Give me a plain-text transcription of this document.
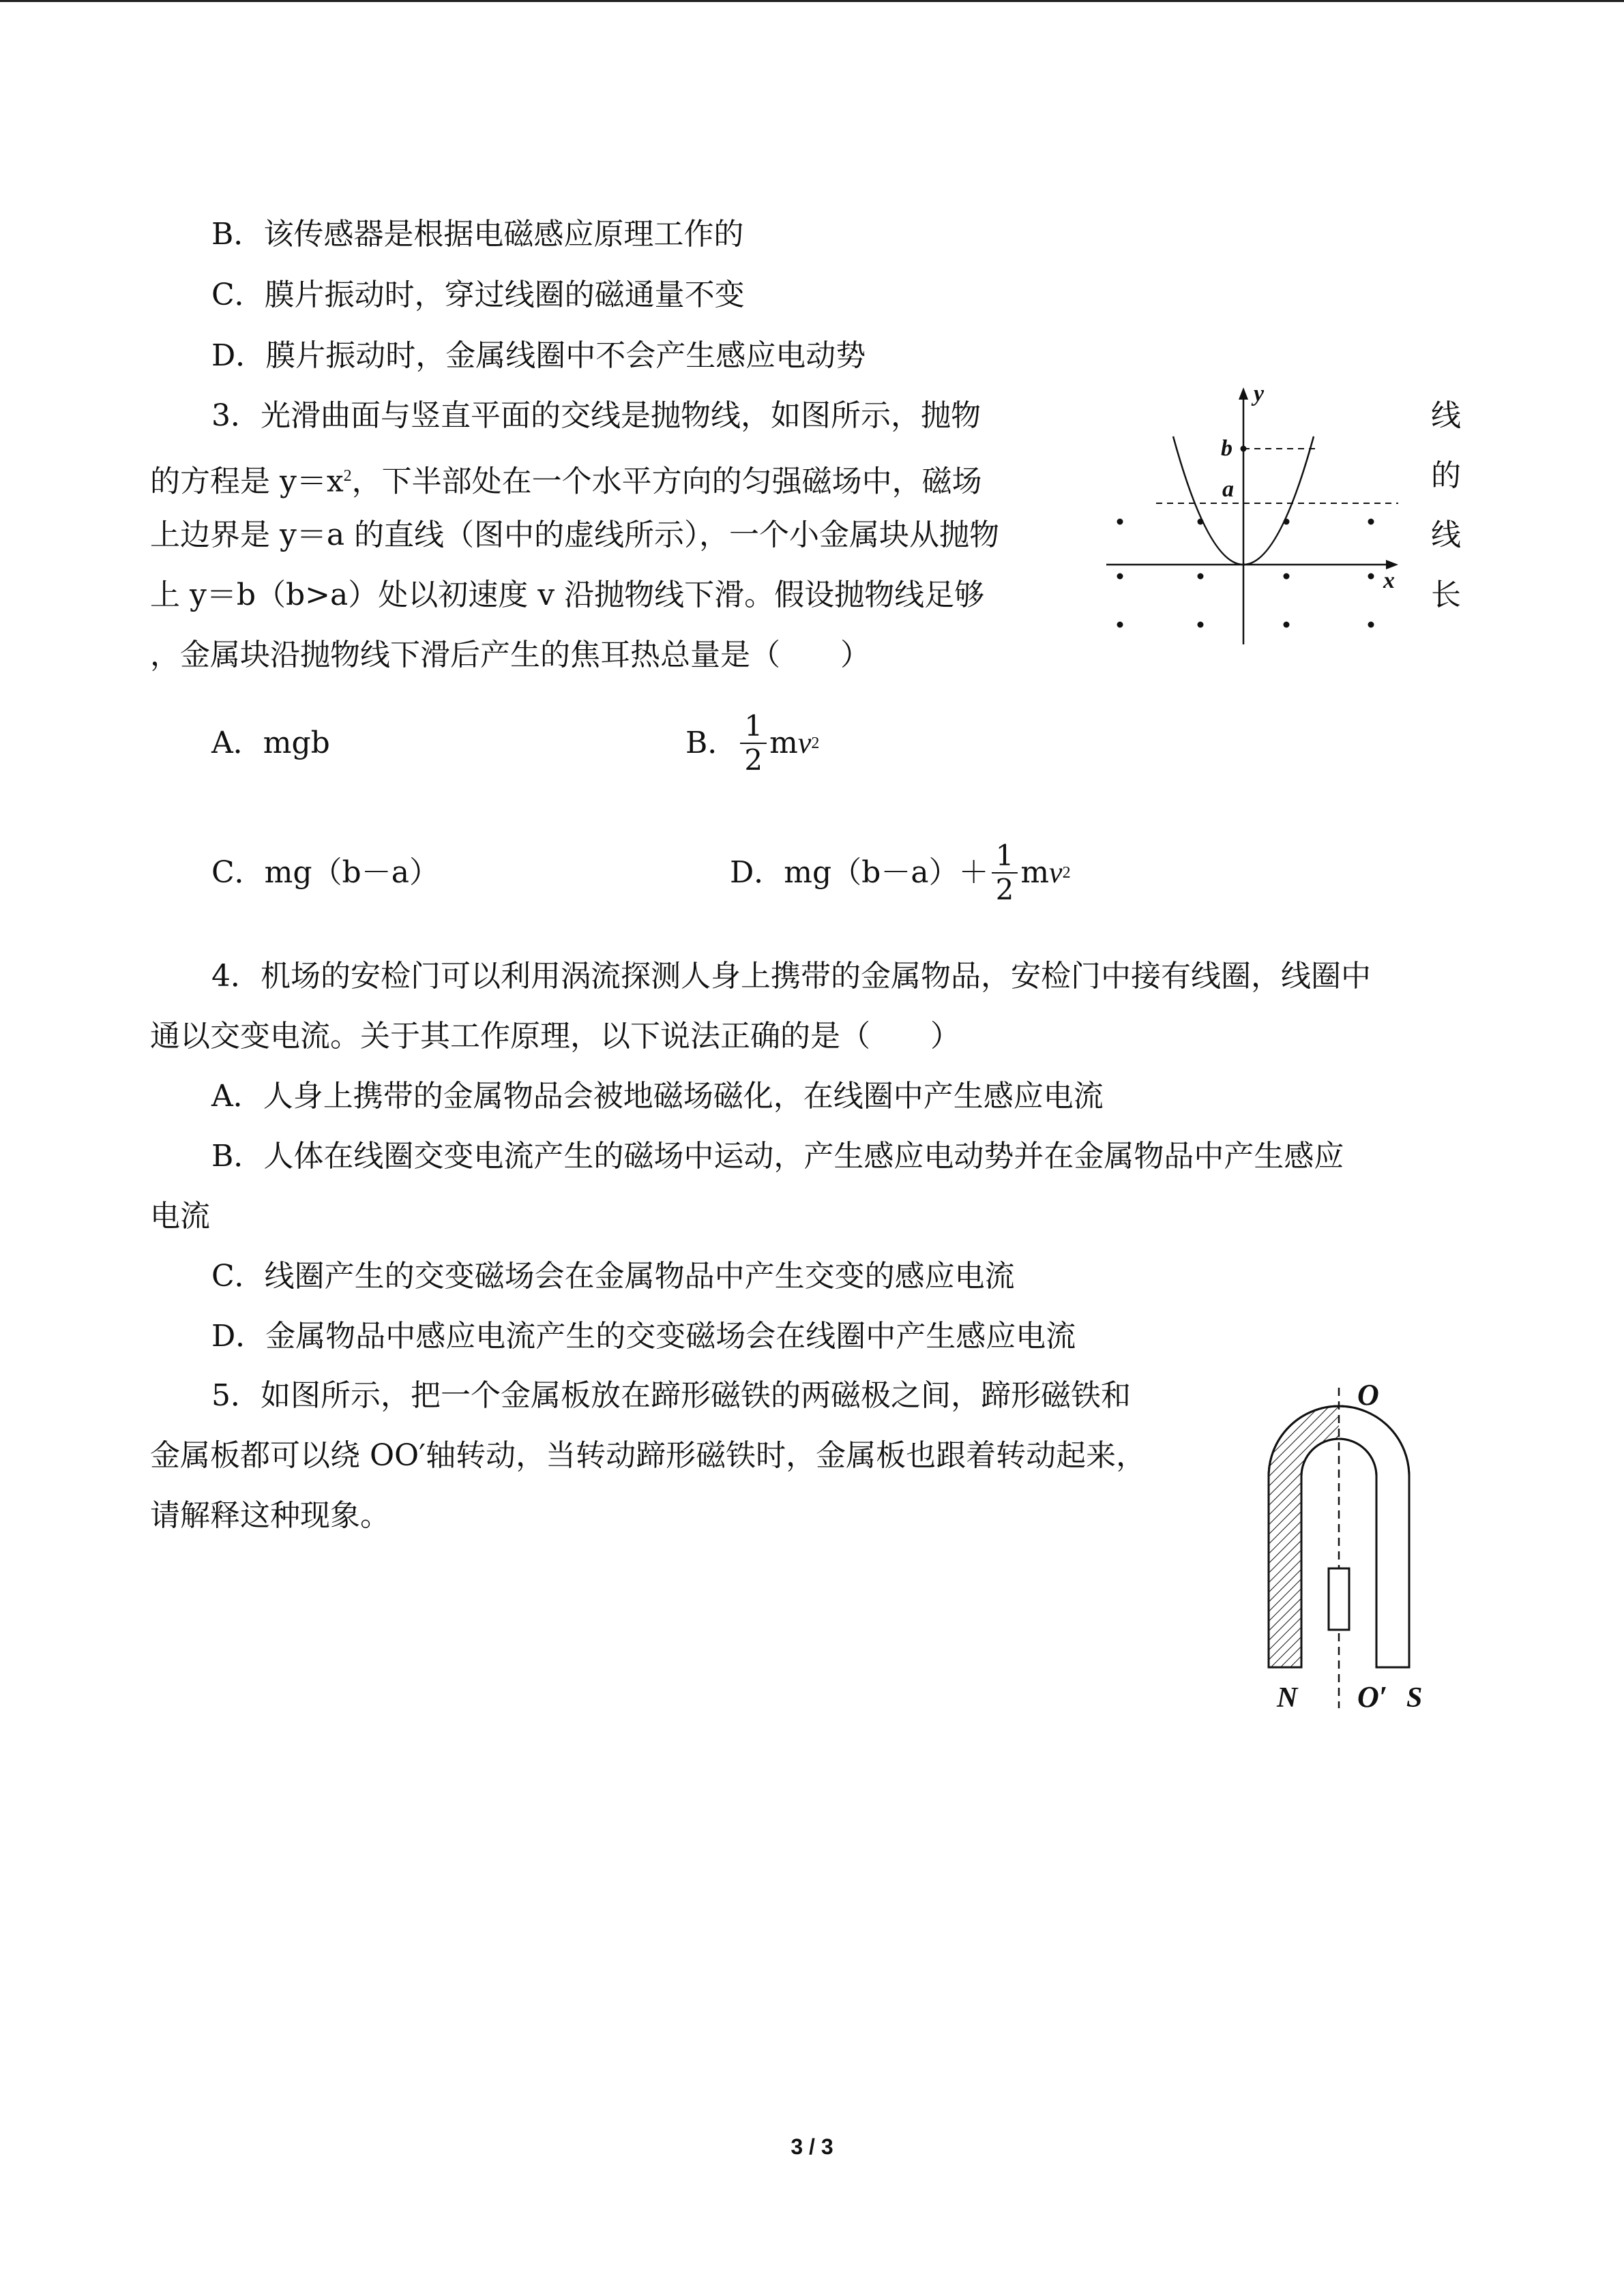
B．该传感器是根据电磁感应原理工作的
C．膜片振动时，穿过线圈的磁通量不变
D．膜片振动时，金属线圈中不会产生感应电动势
3．光滑曲面与竖直平面的交线是抛物线，如图所示，抛物
的方程是 $y=x^2$，下半部处在一个水平方向的匀强磁场中，磁场
上边界是 y＝a 的直线（图中的虚线所示），一个小金属块从抛物
上 y＝b（b>a）处以初速度 v 沿抛物线下滑。假设抛物线足够
，金属块沿抛物线下滑后产生的焦耳热总量是（　　）
线
的
线
长
y
x
b
a
A．mgb	B． $\frac{1}{2}$ m v 2
C．mg（b－a）	D．$mg(b-a)+ \frac{1}{2}$ m v 2
4．机场的安检门可以利用涡流探测人身上携带的金属物品，安检门中接有线圈，线圈中
通以交变电流。关于其工作原理，以下说法正确的是（　　）
A．人身上携带的金属物品会被地磁场磁化，在线圈中产生感应电流
B．人体在线圈交变电流产生的磁场中运动，产生感应电动势并在金属物品中产生感应
电流
C．线圈产生的交变磁场会在金属物品中产生交变的感应电流
D．金属物品中感应电流产生的交变磁场会在线圈中产生感应电流
5．如图所示，把一个金属板放在蹄形磁铁的两磁极之间，蹄形磁铁和
金属板都可以绕 OO′轴转动，当转动蹄形磁铁时，金属板也跟着转动起来，
请解释这种现象。
O
O′
N	S
3 / 3
